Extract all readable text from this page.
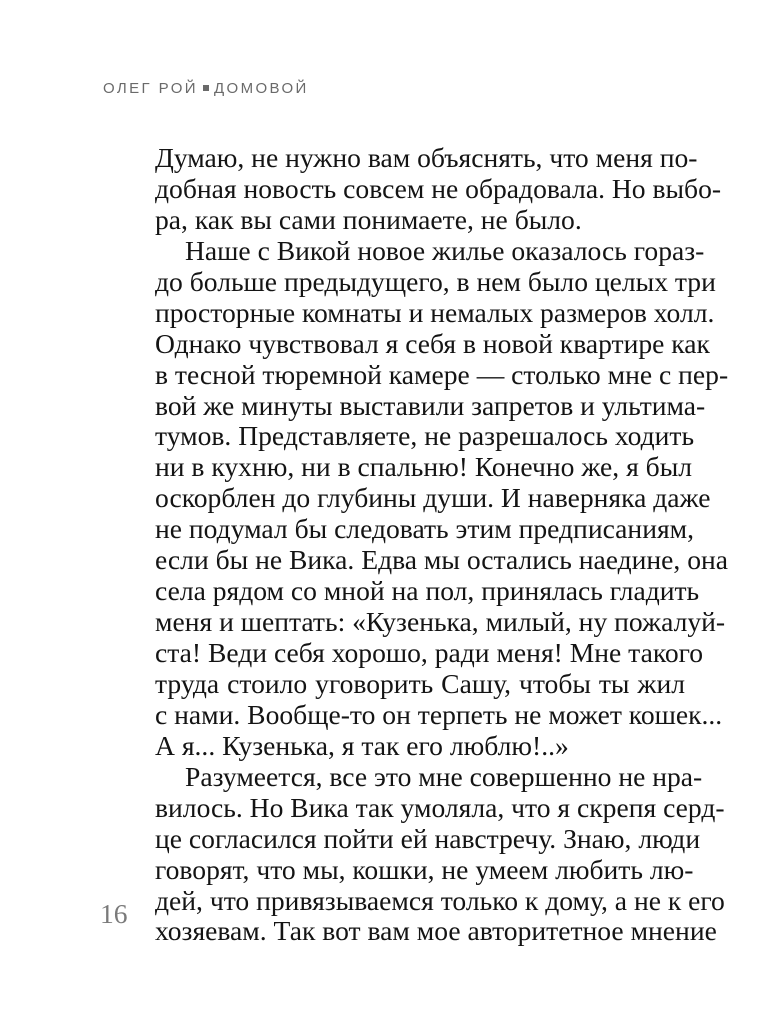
ОЛЕГ РОЙ ДОМОВОЙ
Думаю, не нужно вам объяснять, что меня по-
добная новость совсем не обрадовала. Но выбо-
ра, как вы сами понимаете, не было.
Наше с Викой новое жилье оказалось гораз-
до больше предыдущего, в нем было целых три
просторные комнаты и немалых размеров холл.
Однако чувствовал я себя в новой квартире как
в тесной тюремной камере — столько мне с пер-
вой же минуты выставили запретов и ультима-
тумов. Представляете, не разрешалось ходить
ни в кухню, ни в спальню! Конечно же, я был
оскорблен до глубины души. И наверняка даже
не подумал бы следовать этим предписаниям,
если бы не Вика. Едва мы остались наедине, она
села рядом со мной на пол, принялась гладить
меня и шептать: «Кузенька, милый, ну пожалуй-
ста! Веди себя хорошо, ради меня! Мне такого
труда стоило уговорить Сашу, чтобы ты жил
с нами. Вообще-то он терпеть не может кошек...
А я... Кузенька, я так его люблю!..»
Разумеется, все это мне совершенно не нра-
вилось. Но Вика так умоляла, что я скрепя серд-
це согласился пойти ей навстречу. Знаю, люди
говорят, что мы, кошки, не умеем любить лю-
дей, что привязываемся только к дому, а не к его
хозяевам. Так вот вам мое авторитетное мнение
16
